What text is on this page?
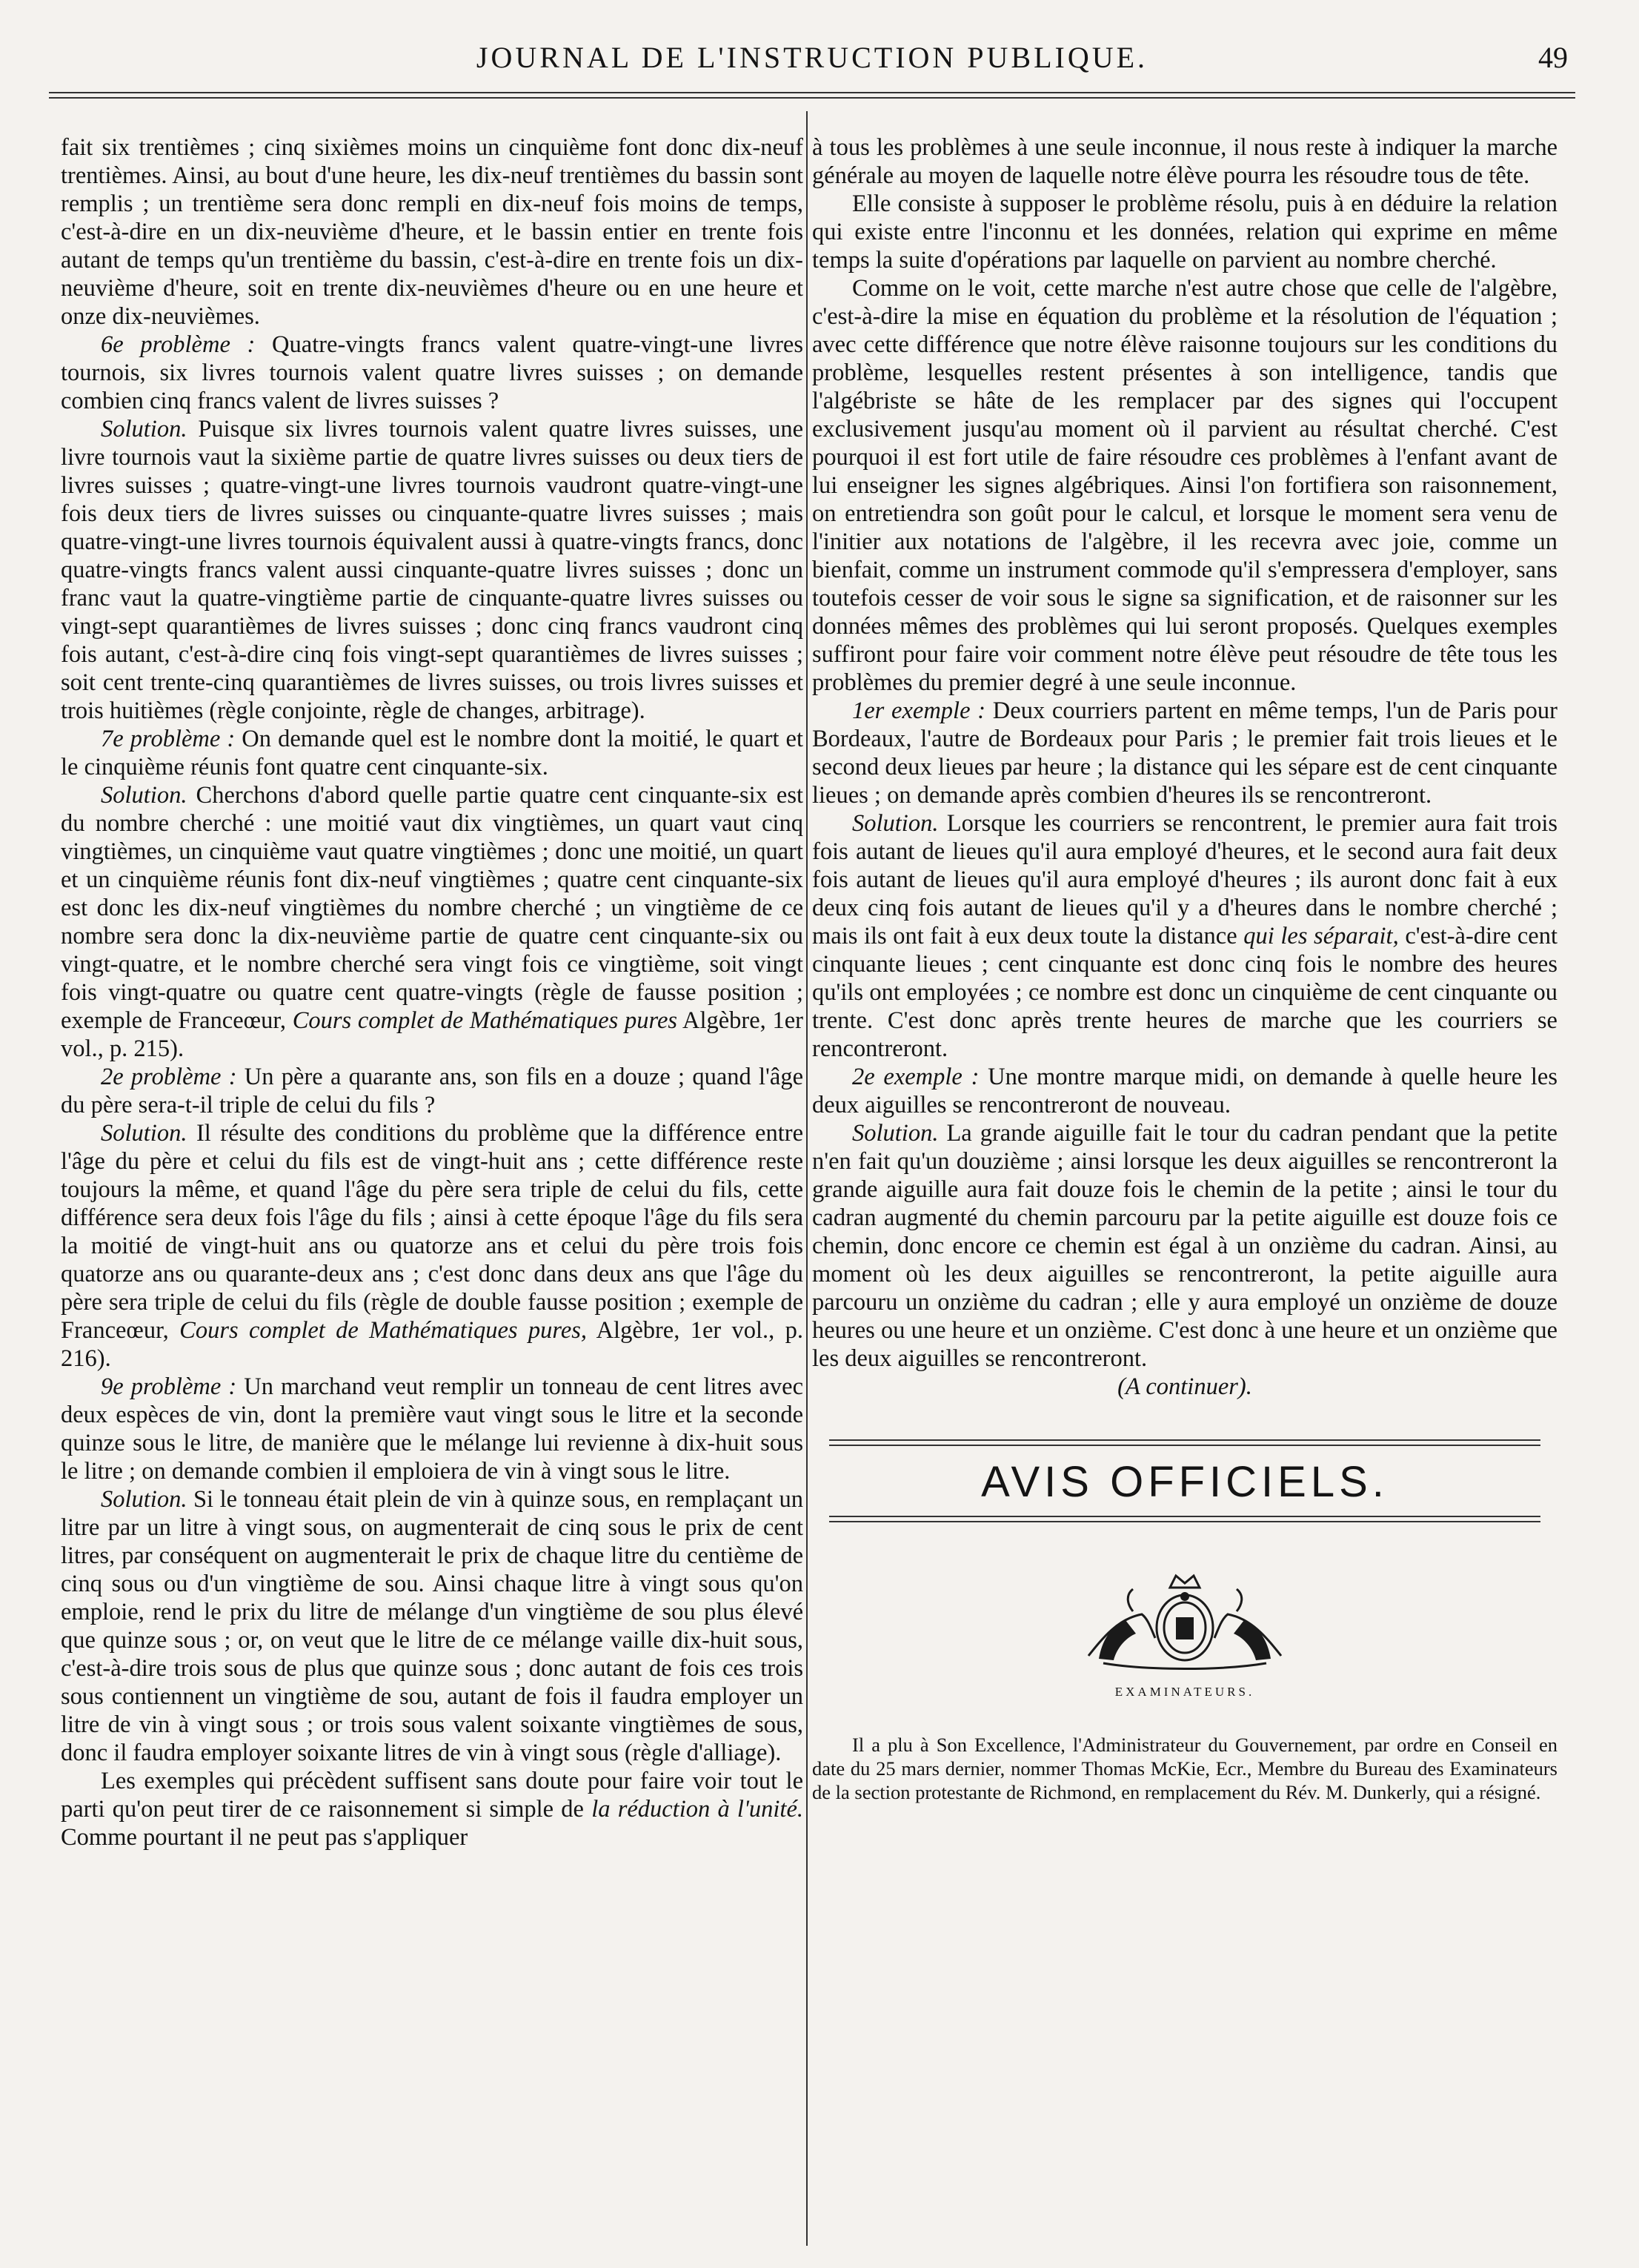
JOURNAL DE L'INSTRUCTION PUBLIQUE.	49

fait six trentièmes ; cinq sixièmes moins un cinquième font donc dix-neuf trentièmes. Ainsi, au bout d'une heure, les dix-neuf trentièmes du bassin sont remplis ; un trentième sera donc rempli en dix-neuf fois moins de temps, c'est-à-dire en un dix-neuvième d'heure, et le bassin entier en trente fois autant de temps qu'un trentième du bassin, c'est-à-dire en trente fois un dix-neuvième d'heure, soit en trente dix-neuvièmes d'heure ou en une heure et onze dix-neuvièmes.

6e problème : Quatre-vingts francs valent quatre-vingt-une livres tournois, six livres tournois valent quatre livres suisses ; on demande combien cinq francs valent de livres suisses ?

Solution. Puisque six livres tournois valent quatre livres suisses, une livre tournois vaut la sixième partie de quatre livres suisses ou deux tiers de livres suisses ; quatre-vingt-une livres tournois vaudront quatre-vingt-une fois deux tiers de livres suisses ou cinquante-quatre livres suisses ; mais quatre-vingt-une livres tournois équivalent aussi à quatre-vingts francs, donc quatre-vingts francs valent aussi cinquante-quatre livres suisses ; donc un franc vaut la quatre-vingtième partie de cinquante-quatre livres suisses ou vingt-sept quarantièmes de livres suisses ; donc cinq francs vaudront cinq fois autant, c'est-à-dire cinq fois vingt-sept quarantièmes de livres suisses ; soit cent trente-cinq quarantièmes de livres suisses, ou trois livres suisses et trois huitièmes (règle conjointe, règle de changes, arbitrage).

7e problème : On demande quel est le nombre dont la moitié, le quart et le cinquième réunis font quatre cent cinquante-six.

Solution. Cherchons d'abord quelle partie quatre cent cinquante-six est du nombre cherché : une moitié vaut dix vingtièmes, un quart vaut cinq vingtièmes, un cinquième vaut quatre vingtièmes ; donc une moitié, un quart et un cinquième réunis font dix-neuf vingtièmes ; quatre cent cinquante-six est donc les dix-neuf vingtièmes du nombre cherché ; un vingtième de ce nombre sera donc la dix-neuvième partie de quatre cent cinquante-six ou vingt-quatre, et le nombre cherché sera vingt fois ce vingtième, soit vingt fois vingt-quatre ou quatre cent quatre-vingts (règle de fausse position ; exemple de Franceœur, Cours complet de Mathématiques pures Algèbre, 1er vol., p. 215).

2e problème : Un père a quarante ans, son fils en a douze ; quand l'âge du père sera-t-il triple de celui du fils ?

Solution. Il résulte des conditions du problème que la différence entre l'âge du père et celui du fils est de vingt-huit ans ; cette différence reste toujours la même, et quand l'âge du père sera triple de celui du fils, cette différence sera deux fois l'âge du fils ; ainsi à cette époque l'âge du fils sera la moitié de vingt-huit ans ou quatorze ans et celui du père trois fois quatorze ans ou quarante-deux ans ; c'est donc dans deux ans que l'âge du père sera triple de celui du fils (règle de double fausse position ; exemple de Franceœur, Cours complet de Mathématiques pures, Algèbre, 1er vol., p. 216).

9e problème : Un marchand veut remplir un tonneau de cent litres avec deux espèces de vin, dont la première vaut vingt sous le litre et la seconde quinze sous le litre, de manière que le mélange lui revienne à dix-huit sous le litre ; on demande combien il emploiera de vin à vingt sous le litre.

Solution. Si le tonneau était plein de vin à quinze sous, en remplaçant un litre par un litre à vingt sous, on augmenterait de cinq sous le prix de cent litres, par conséquent on augmenterait le prix de chaque litre du centième de cinq sous ou d'un vingtième de sou. Ainsi chaque litre à vingt sous qu'on emploie, rend le prix du litre de mélange d'un vingtième de sou plus élevé que quinze sous ; or, on veut que le litre de ce mélange vaille dix-huit sous, c'est-à-dire trois sous de plus que quinze sous ; donc autant de fois ces trois sous contiennent un vingtième de sou, autant de fois il faudra employer un litre de vin à vingt sous ; or trois sous valent soixante vingtièmes de sous, donc il faudra employer soixante litres de vin à vingt sous (règle d'alliage).

Les exemples qui précèdent suffisent sans doute pour faire voir tout le parti qu'on peut tirer de ce raisonnement si simple de la réduction à l'unité. Comme pourtant il ne peut pas s'appliquer

à tous les problèmes à une seule inconnue, il nous reste à indiquer la marche générale au moyen de laquelle notre élève pourra les résoudre tous de tête.

Elle consiste à supposer le problème résolu, puis à en déduire la relation qui existe entre l'inconnu et les données, relation qui exprime en même temps la suite d'opérations par laquelle on parvient au nombre cherché.

Comme on le voit, cette marche n'est autre chose que celle de l'algèbre, c'est-à-dire la mise en équation du problème et la résolution de l'équation ; avec cette différence que notre élève raisonne toujours sur les conditions du problème, lesquelles restent présentes à son intelligence, tandis que l'algébriste se hâte de les remplacer par des signes qui l'occupent exclusivement jusqu'au moment où il parvient au résultat cherché. C'est pourquoi il est fort utile de faire résoudre ces problèmes à l'enfant avant de lui enseigner les signes algébriques. Ainsi l'on fortifiera son raisonnement, on entretiendra son goût pour le calcul, et lorsque le moment sera venu de l'initier aux notations de l'algèbre, il les recevra avec joie, comme un bienfait, comme un instrument commode qu'il s'empressera d'employer, sans toutefois cesser de voir sous le signe sa signification, et de raisonner sur les données mêmes des problèmes qui lui seront proposés. Quelques exemples suffiront pour faire voir comment notre élève peut résoudre de tête tous les problèmes du premier degré à une seule inconnue.

1er exemple : Deux courriers partent en même temps, l'un de Paris pour Bordeaux, l'autre de Bordeaux pour Paris ; le premier fait trois lieues et le second deux lieues par heure ; la distance qui les sépare est de cent cinquante lieues ; on demande après combien d'heures ils se rencontreront.

Solution. Lorsque les courriers se rencontrent, le premier aura fait trois fois autant de lieues qu'il aura employé d'heures, et le second aura fait deux fois autant de lieues qu'il aura employé d'heures ; ils auront donc fait à eux deux cinq fois autant de lieues qu'il y a d'heures dans le nombre cherché ; mais ils ont fait à eux deux toute la distance qui les séparait, c'est-à-dire cent cinquante lieues ; cent cinquante est donc cinq fois le nombre des heures qu'ils ont employées ; ce nombre est donc un cinquième de cent cinquante ou trente. C'est donc après trente heures de marche que les courriers se rencontreront.

2e exemple : Une montre marque midi, on demande à quelle heure les deux aiguilles se rencontreront de nouveau.

Solution. La grande aiguille fait le tour du cadran pendant que la petite n'en fait qu'un douzième ; ainsi lorsque les deux aiguilles se rencontreront la grande aiguille aura fait douze fois le chemin de la petite ; ainsi le tour du cadran augmenté du chemin parcouru par la petite aiguille est douze fois ce chemin, donc encore ce chemin est égal à un onzième du cadran. Ainsi, au moment où les deux aiguilles se rencontreront, la petite aiguille aura parcouru un onzième du cadran ; elle y aura employé un onzième de douze heures ou une heure et un onzième. C'est donc à une heure et un onzième que les deux aiguilles se rencontreront.

(A continuer).

AVIS OFFICIELS.

EXAMINATEURS.

Il a plu à Son Excellence, l'Administrateur du Gouvernement, par ordre en Conseil en date du 25 mars dernier, nommer Thomas McKie, Ecr., Membre du Bureau des Examinateurs de la section protestante de Richmond, en remplacement du Rév. M. Dunkerly, qui a résigné.
